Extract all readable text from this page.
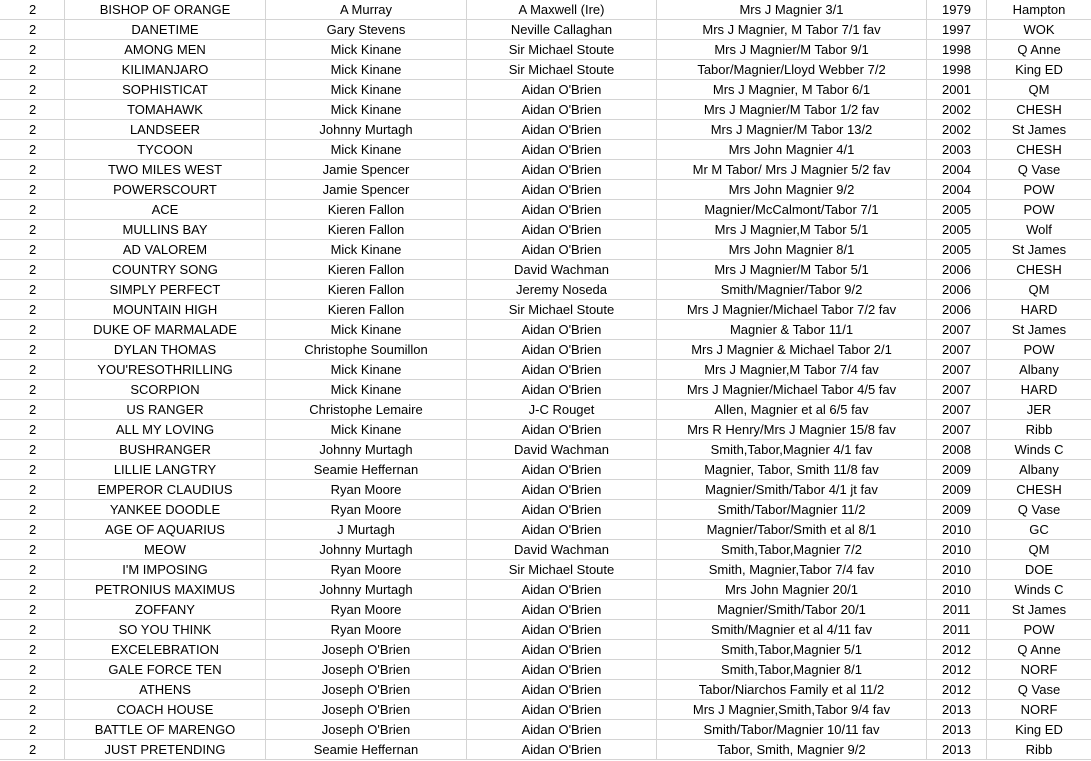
2	BISHOP OF ORANGE	A Murray	A Maxwell (Ire)	Mrs J Magnier 3/1	1979	Hampton
2	DANETIME	Gary Stevens	Neville Callaghan	Mrs J Magnier, M Tabor 7/1 fav	1997	WOK
2	AMONG MEN	Mick Kinane	Sir Michael Stoute	Mrs J Magnier/M Tabor 9/1	1998	Q Anne
2	KILIMANJARO	Mick Kinane	Sir Michael Stoute	Tabor/Magnier/Lloyd Webber 7/2	1998	King ED
2	SOPHISTICAT	Mick Kinane	Aidan O'Brien	Mrs J Magnier, M Tabor 6/1	2001	QM
2	TOMAHAWK	Mick Kinane	Aidan O'Brien	Mrs J Magnier/M Tabor 1/2 fav	2002	CHESH
2	LANDSEER	Johnny Murtagh	Aidan O'Brien	Mrs J Magnier/M Tabor 13/2	2002	St James
2	TYCOON	Mick Kinane	Aidan O'Brien	Mrs John Magnier 4/1	2003	CHESH
2	TWO MILES WEST	Jamie Spencer	Aidan O'Brien	Mr M Tabor/ Mrs J Magnier 5/2 fav	2004	Q Vase
2	POWERSCOURT	Jamie Spencer	Aidan O'Brien	Mrs John Magnier 9/2	2004	POW
2	ACE	Kieren Fallon	Aidan O'Brien	Magnier/McCalmont/Tabor 7/1	2005	POW
2	MULLINS BAY	Kieren Fallon	Aidan O'Brien	Mrs J Magnier,M Tabor 5/1	2005	Wolf
2	AD VALOREM	Mick Kinane	Aidan O'Brien	Mrs John Magnier 8/1	2005	St James
2	COUNTRY SONG	Kieren Fallon	David Wachman	Mrs J Magnier/M Tabor 5/1	2006	CHESH
2	SIMPLY PERFECT	Kieren Fallon	Jeremy Noseda	Smith/Magnier/Tabor 9/2	2006	QM
2	MOUNTAIN HIGH	Kieren Fallon	Sir Michael Stoute	Mrs J Magnier/Michael Tabor 7/2 fav	2006	HARD
2	DUKE OF MARMALADE	Mick Kinane	Aidan O'Brien	Magnier & Tabor 11/1	2007	St James
2	DYLAN THOMAS	Christophe Soumillon	Aidan O'Brien	Mrs J Magnier & Michael Tabor 2/1	2007	POW
2	YOU'RESOTHRILLING	Mick Kinane	Aidan O'Brien	Mrs J Magnier,M Tabor 7/4 fav	2007	Albany
2	SCORPION	Mick Kinane	Aidan O'Brien	Mrs J Magnier/Michael Tabor 4/5 fav	2007	HARD
2	US RANGER	Christophe Lemaire	J-C Rouget	Allen, Magnier et al 6/5 fav	2007	JER
2	ALL MY LOVING	Mick Kinane	Aidan O'Brien	Mrs R Henry/Mrs J Magnier 15/8 fav	2007	Ribb
2	BUSHRANGER	Johnny Murtagh	David Wachman	Smith,Tabor,Magnier 4/1 fav	2008	Winds C
2	LILLIE LANGTRY	Seamie Heffernan	Aidan O'Brien	Magnier, Tabor, Smith 11/8 fav	2009	Albany
2	EMPEROR CLAUDIUS	Ryan Moore	Aidan O'Brien	Magnier/Smith/Tabor 4/1 jt fav	2009	CHESH
2	YANKEE DOODLE	Ryan Moore	Aidan O'Brien	Smith/Tabor/Magnier 11/2	2009	Q Vase
2	AGE OF AQUARIUS	J Murtagh	Aidan O'Brien	Magnier/Tabor/Smith et al 8/1	2010	GC
2	MEOW	Johnny Murtagh	David Wachman	Smith,Tabor,Magnier 7/2	2010	QM
2	I'M IMPOSING	Ryan Moore	Sir Michael Stoute	Smith, Magnier,Tabor 7/4 fav	2010	DOE
2	PETRONIUS MAXIMUS	Johnny Murtagh	Aidan O'Brien	Mrs John Magnier 20/1	2010	Winds C
2	ZOFFANY	Ryan Moore	Aidan O'Brien	Magnier/Smith/Tabor 20/1	2011	St James
2	SO YOU THINK	Ryan Moore	Aidan O'Brien	Smith/Magnier et al 4/11 fav	2011	POW
2	EXCELEBRATION	Joseph O'Brien	Aidan O'Brien	Smith,Tabor,Magnier 5/1	2012	Q Anne
2	GALE FORCE TEN	Joseph O'Brien	Aidan O'Brien	Smith,Tabor,Magnier 8/1	2012	NORF
2	ATHENS	Joseph O'Brien	Aidan O'Brien	Tabor/Niarchos Family et al 11/2	2012	Q Vase
2	COACH HOUSE	Joseph O'Brien	Aidan O'Brien	Mrs J Magnier,Smith,Tabor 9/4 fav	2013	NORF
2	BATTLE OF MARENGO	Joseph O'Brien	Aidan O'Brien	Smith/Tabor/Magnier 10/11 fav	2013	King ED
2	JUST PRETENDING	Seamie Heffernan	Aidan O'Brien	Tabor, Smith, Magnier 9/2	2013	Ribb
